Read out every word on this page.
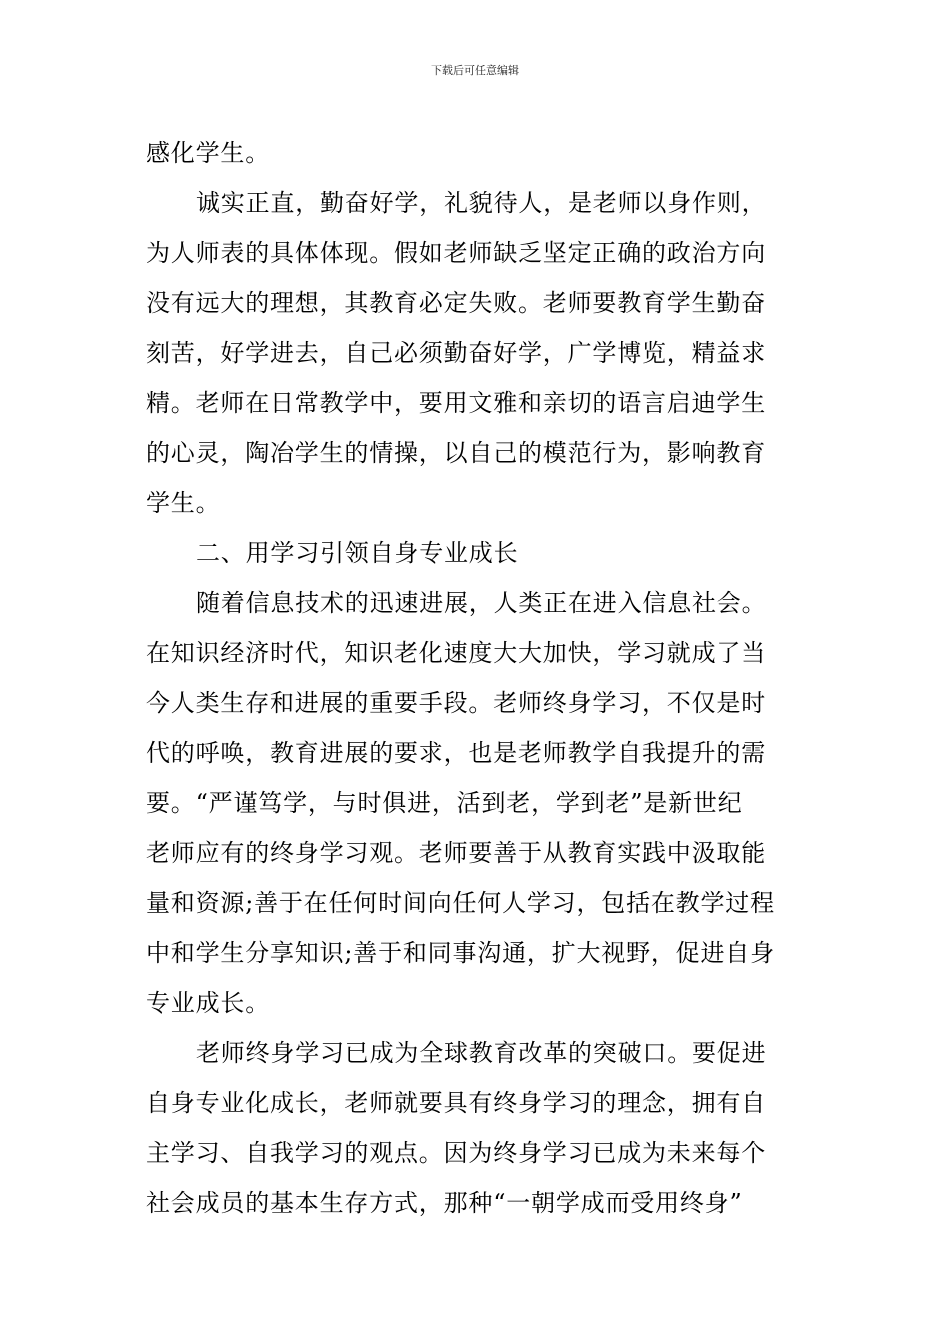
下载后可任意编辑
感化学生。
诚实正直，勤奋好学，礼貌待人，是老师以身作则，
为人师表的具体体现。假如老师缺乏坚定正确的政治方向
没有远大的理想，其教育必定失败。老师要教育学生勤奋
刻苦，好学进去，自己必须勤奋好学，广学博览，精益求
精。老师在日常教学中，要用文雅和亲切的语言启迪学生
的心灵，陶冶学生的情操，以自己的模范行为，影响教育
学生。
二、用学习引领自身专业成长
随着信息技术的迅速进展，人类正在进入信息社会。
在知识经济时代，知识老化速度大大加快，学习就成了当
今人类生存和进展的重要手段。老师终身学习，不仅是时
代的呼唤，教育进展的要求，也是老师教学自我提升的需
要。“严谨笃学，与时俱进，活到老，学到老”是新世纪
老师应有的终身学习观。老师要善于从教育实践中汲取能
量和资源;善于在任何时间向任何人学习，包括在教学过程
中和学生分享知识;善于和同事沟通，扩大视野，促进自身
专业成长。
老师终身学习已成为全球教育改革的突破口。要促进
自身专业化成长，老师就要具有终身学习的理念，拥有自
主学习、自我学习的观点。因为终身学习已成为未来每个
社会成员的基本生存方式，那种“一朝学成而受用终身”
